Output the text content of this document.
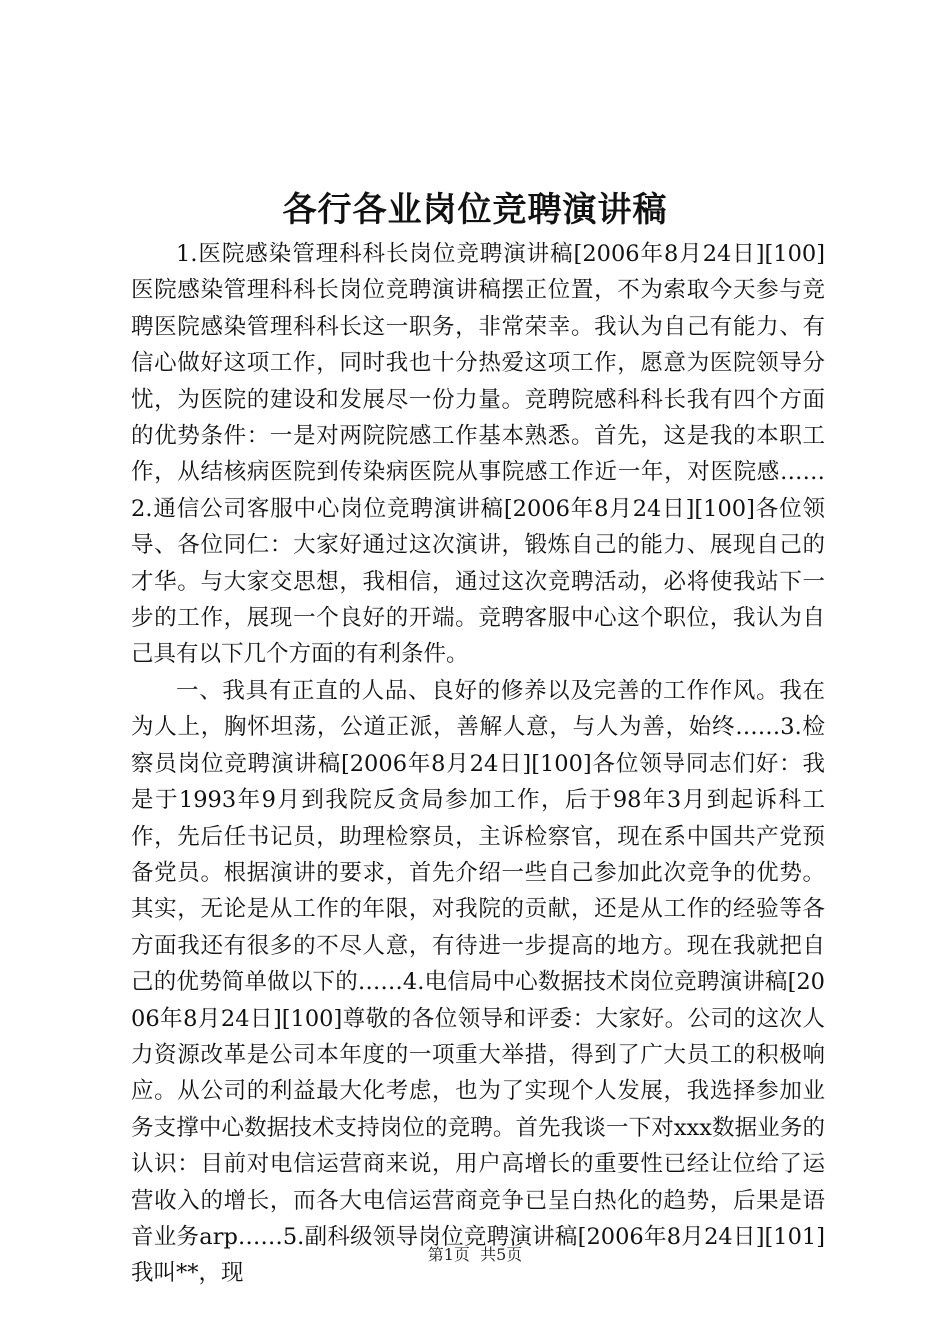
各行各业岗位竞聘演讲稿

1.医院感染管理科科长岗位竞聘演讲稿[2006年8月24日][100]医院感染管理科科长岗位竞聘演讲稿摆正位置，不为索取今天参与竞聘医院感染管理科科长这一职务，非常荣幸。我认为自己有能力、有信心做好这项工作，同时我也十分热爱这项工作，愿意为医院领导分忧，为医院的建设和发展尽一份力量。竞聘院感科科长我有四个方面的优势条件：一是对两院院感工作基本熟悉。首先，这是我的本职工作，从结核病医院到传染病医院从事院感工作近一年，对医院感……2.通信公司客服中心岗位竞聘演讲稿[2006年8月24日][100]各位领导、各位同仁：大家好通过这次演讲，锻炼自己的能力、展现自己的才华。与大家交思想，我相信，通过这次竞聘活动，必将使我站下一步的工作，展现一个良好的开端。竞聘客服中心这个职位，我认为自己具有以下几个方面的有利条件。

一、我具有正直的人品、良好的修养以及完善的工作作风。我在为人上，胸怀坦荡，公道正派，善解人意，与人为善，始终……3.检察员岗位竞聘演讲稿[2006年8月24日][100]各位领导同志们好：我是于1993年9月到我院反贪局参加工作，后于98年3月到起诉科工作，先后任书记员，助理检察员，主诉检察官，现在系中国共产党预备党员。根据演讲的要求，首先介绍一些自己参加此次竞争的优势。其实，无论是从工作的年限，对我院的贡献，还是从工作的经验等各方面我还有很多的不尽人意，有待进一步提高的地方。现在我就把自己的优势简单做以下的……4.电信局中心数据技术岗位竞聘演讲稿[2006年8月24日][100]尊敬的各位领导和评委：大家好。公司的这次人力资源改革是公司本年度的一项重大举措，得到了广大员工的积极响应。从公司的利益最大化考虑，也为了实现个人发展，我选择参加业务支撑中心数据技术支持岗位的竞聘。首先我谈一下对xxx数据业务的认识：目前对电信运营商来说，用户高增长的重要性已经让位给了运营收入的增长，而各大电信运营商竞争已呈白热化的趋势，后果是语音业务arp……5.副科级领导岗位竞聘演讲稿[2006年8月24日][101]我叫**，现

第1页 共5页
